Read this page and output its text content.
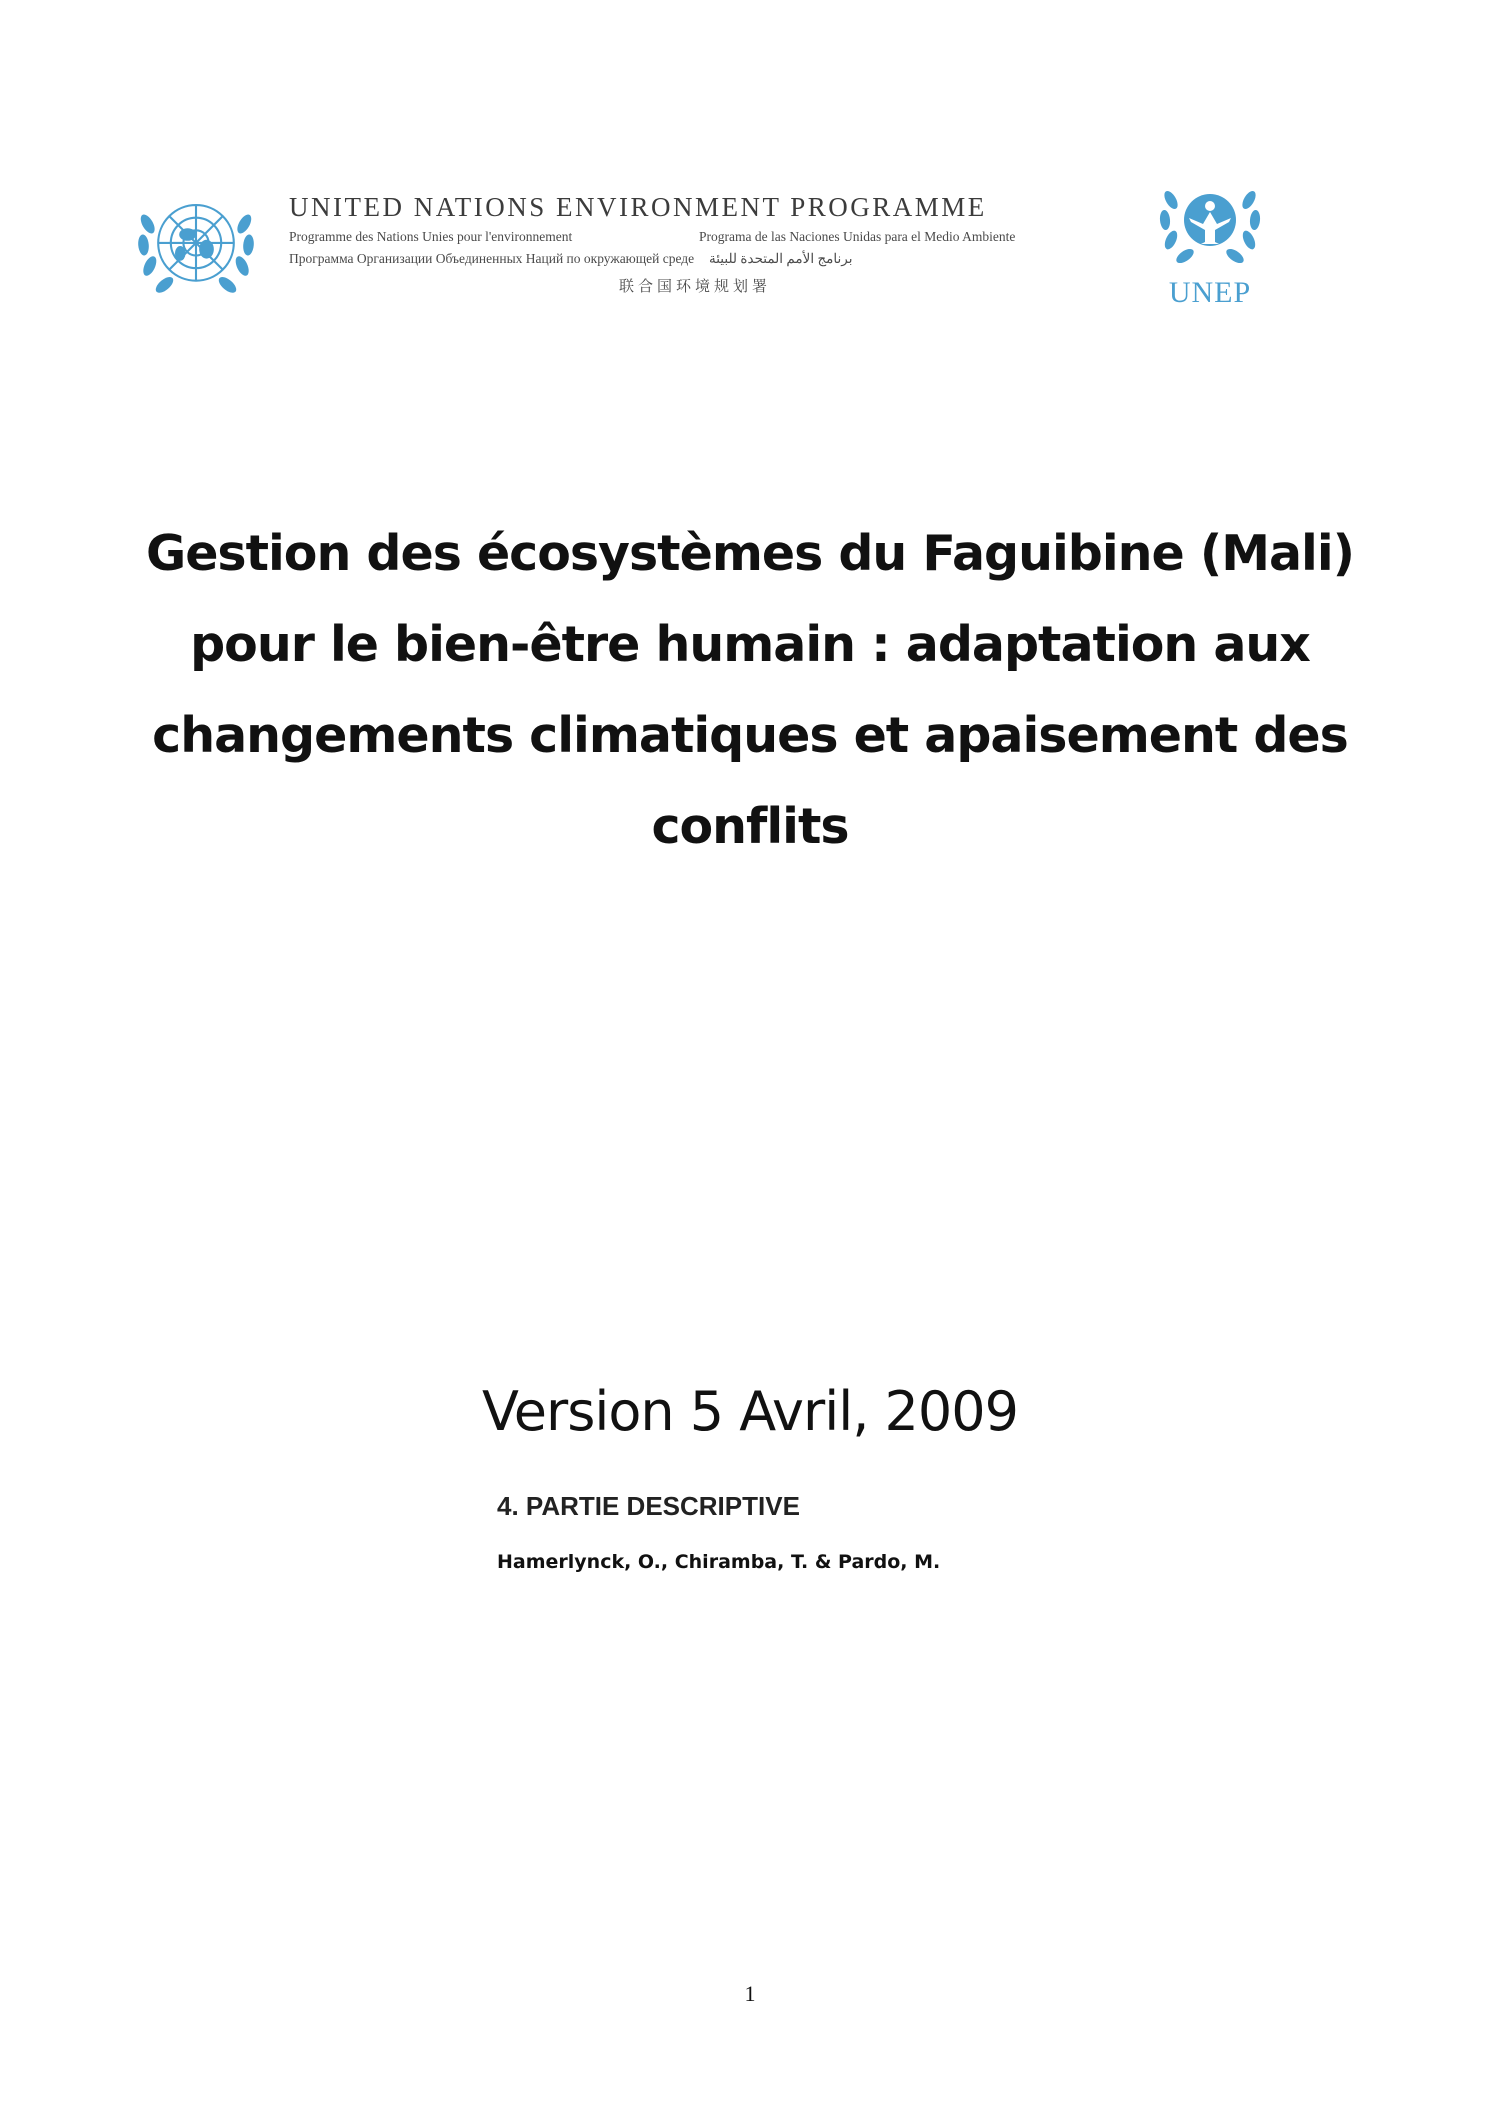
UNITED NATIONS ENVIRONMENT PROGRAMME
Programme des Nations Unies pour l'environnement	Programa de las Naciones Unidas para el Medio Ambiente
Программа Организации Объединенных Наций по окружающей среде	برنامج الأمم المتحدة للبيئة
联合国环境规划署	UNEP
Gestion des écosystèmes du Faguibine (Mali)
pour le bien-être humain : adaptation aux
changements climatiques et apaisement des
conflits
Version 5 Avril, 2009
4. PARTIE DESCRIPTIVE
Hamerlynck, O., Chiramba, T. & Pardo, M.
1
